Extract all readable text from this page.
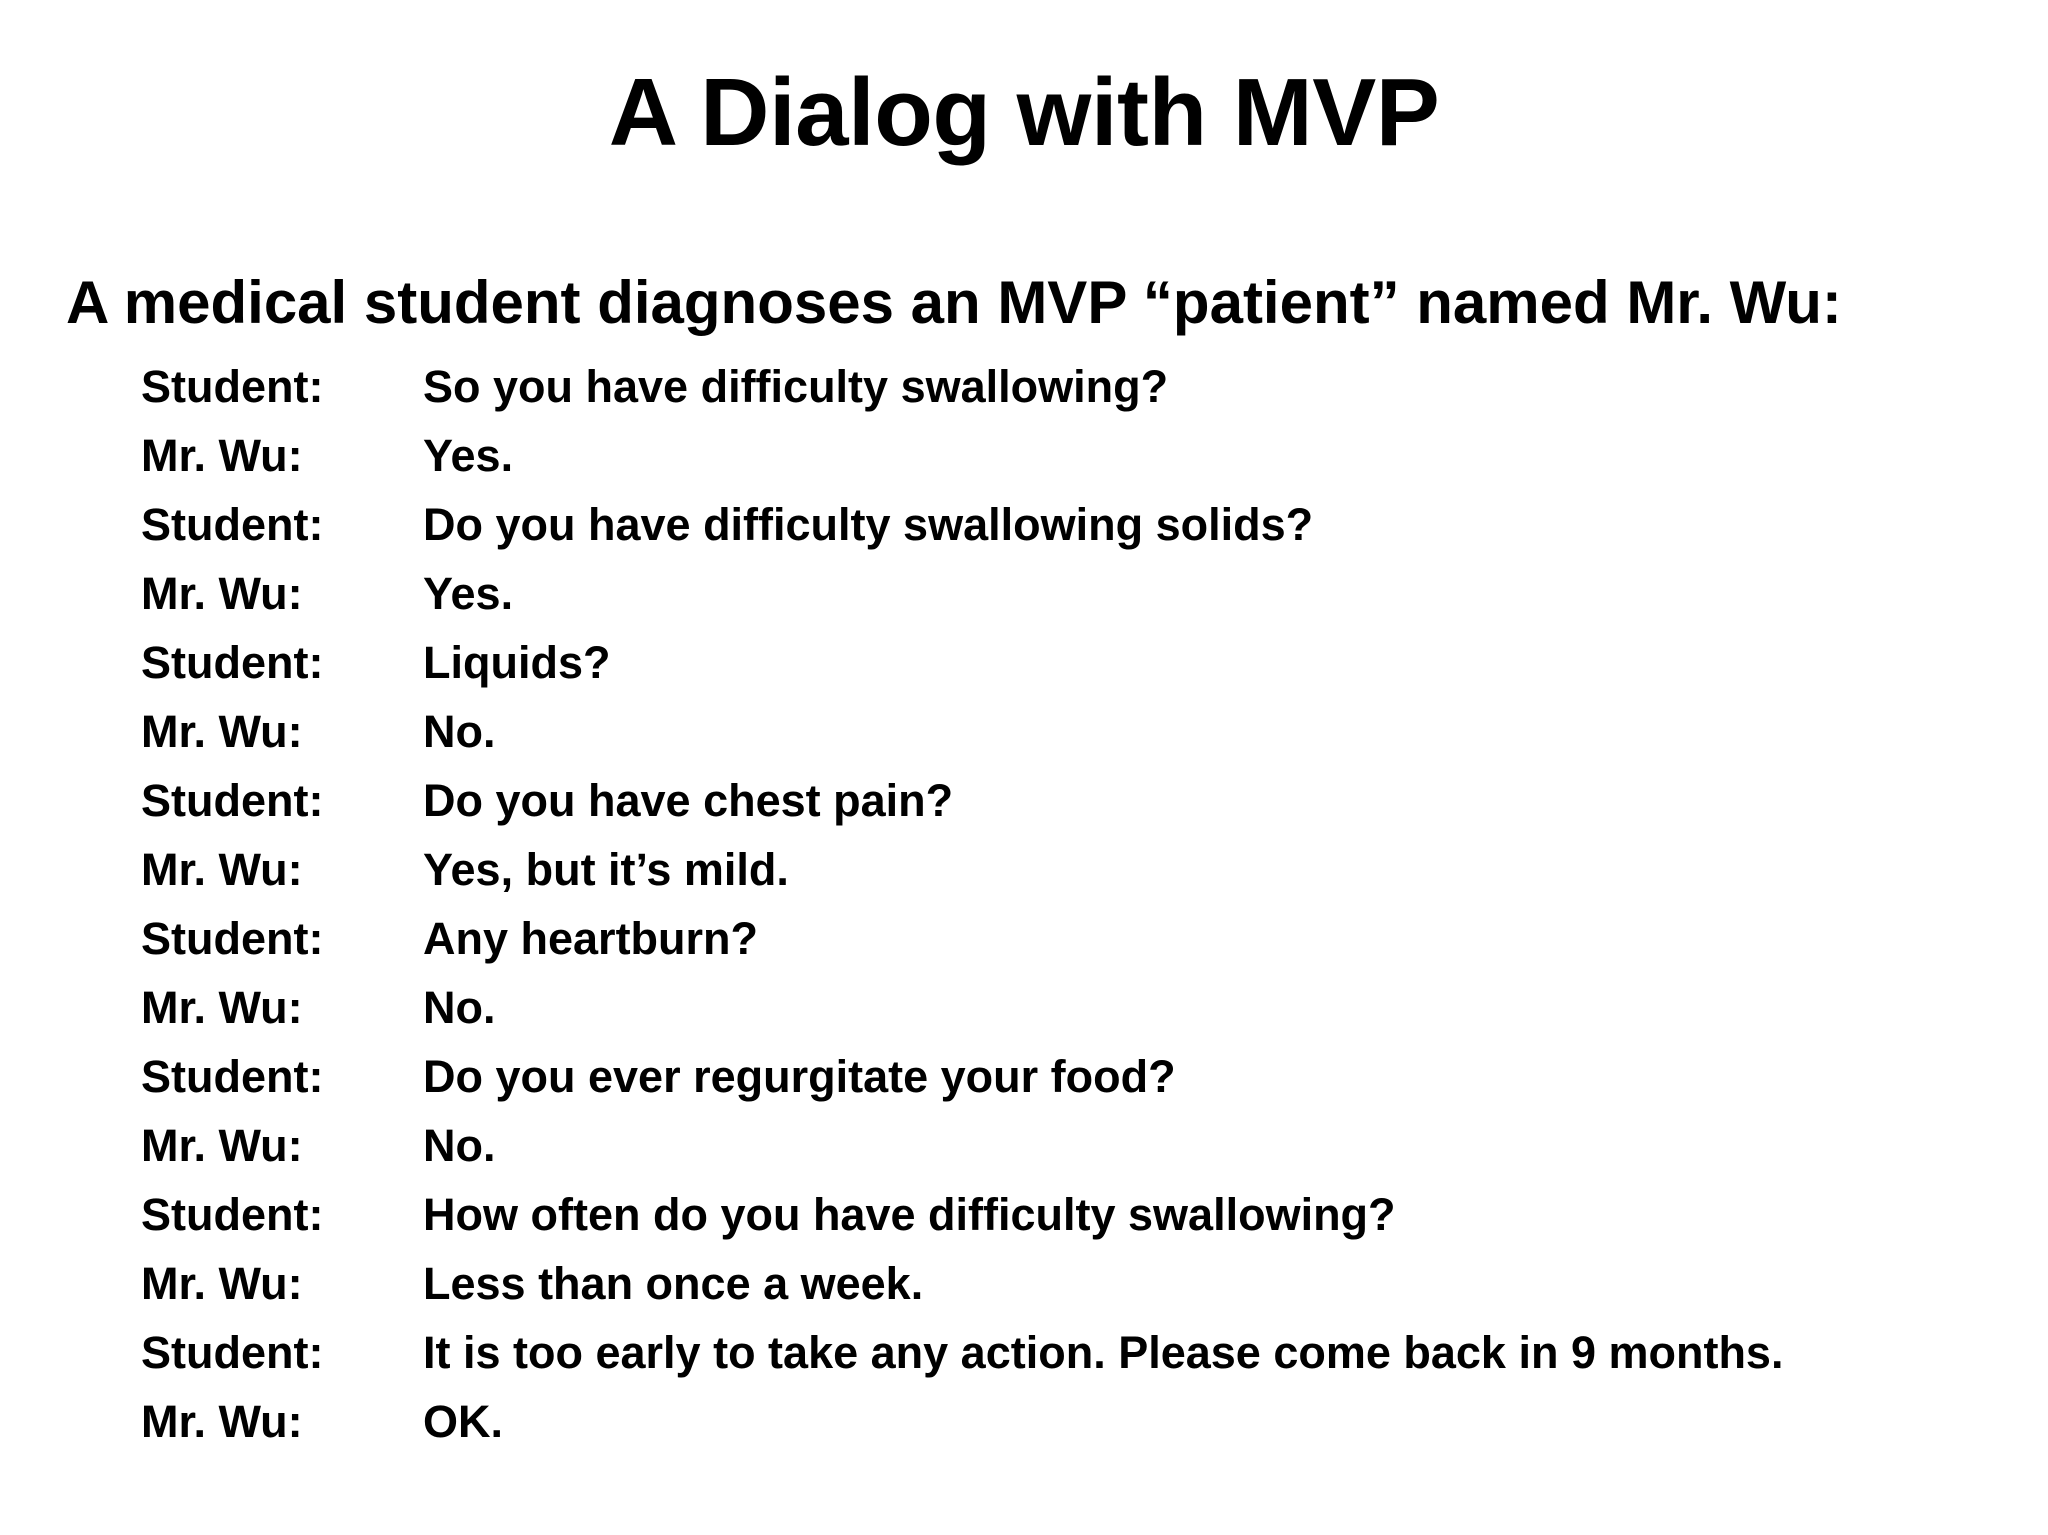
A Dialog with MVP
A medical student diagnoses an MVP “patient” named Mr. Wu:
Student:	So you have difficulty swallowing?
Mr. Wu:	Yes.
Student:	Do you have difficulty swallowing solids?
Mr. Wu:	Yes.
Student:	Liquids?
Mr. Wu:	No.
Student:	Do you have chest pain?
Mr. Wu:	Yes, but it’s mild.
Student:	Any heartburn?
Mr. Wu:	No.
Student:	Do you ever regurgitate your food?
Mr. Wu:	No.
Student:	How often do you have difficulty swallowing?
Mr. Wu:	Less than once a week.
Student:	It is too early to take any action. Please come back in 9 months.
Mr. Wu:	OK.
